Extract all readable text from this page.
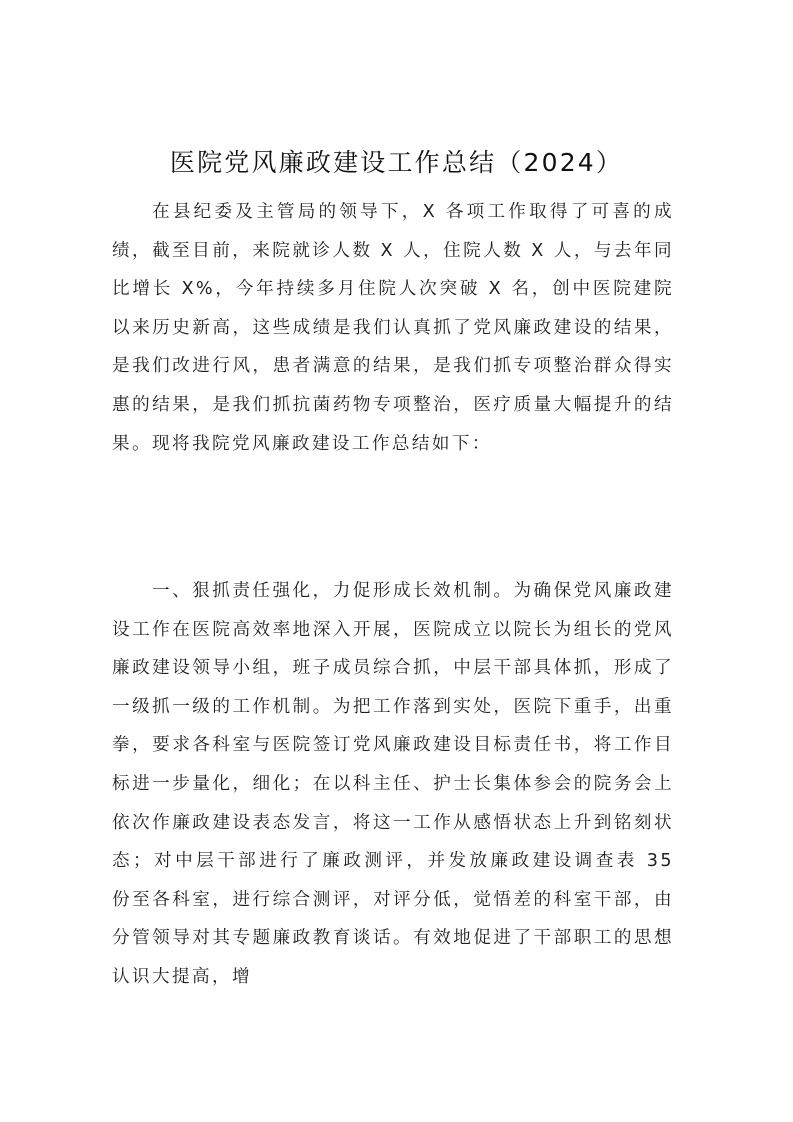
医院党风廉政建设工作总结（2024）

在县纪委及主管局的领导下，X 各项工作取得了可喜的成绩，截至目前，来院就诊人数 X 人，住院人数 X 人，与去年同比增长 X%，今年持续多月住院人次突破 X 名，创中医院建院以来历史新高，这些成绩是我们认真抓了党风廉政建设的结果，是我们改进行风，患者满意的结果，是我们抓专项整治群众得实惠的结果，是我们抓抗菌药物专项整治，医疗质量大幅提升的结果。现将我院党风廉政建设工作总结如下：

一、狠抓责任强化，力促形成长效机制。为确保党风廉政建设工作在医院高效率地深入开展，医院成立以院长为组长的党风廉政建设领导小组，班子成员综合抓，中层干部具体抓，形成了一级抓一级的工作机制。为把工作落到实处，医院下重手，出重拳，要求各科室与医院签订党风廉政建设目标责任书，将工作目标进一步量化，细化；在以科主任、护士长集体参会的院务会上依次作廉政建设表态发言，将这一工作从感悟状态上升到铭刻状态；对中层干部进行了廉政测评，并发放廉政建设调查表 35 份至各科室，进行综合测评，对评分低，觉悟差的科室干部，由分管领导对其专题廉政教育谈话。有效地促进了干部职工的思想认识大提高，增
